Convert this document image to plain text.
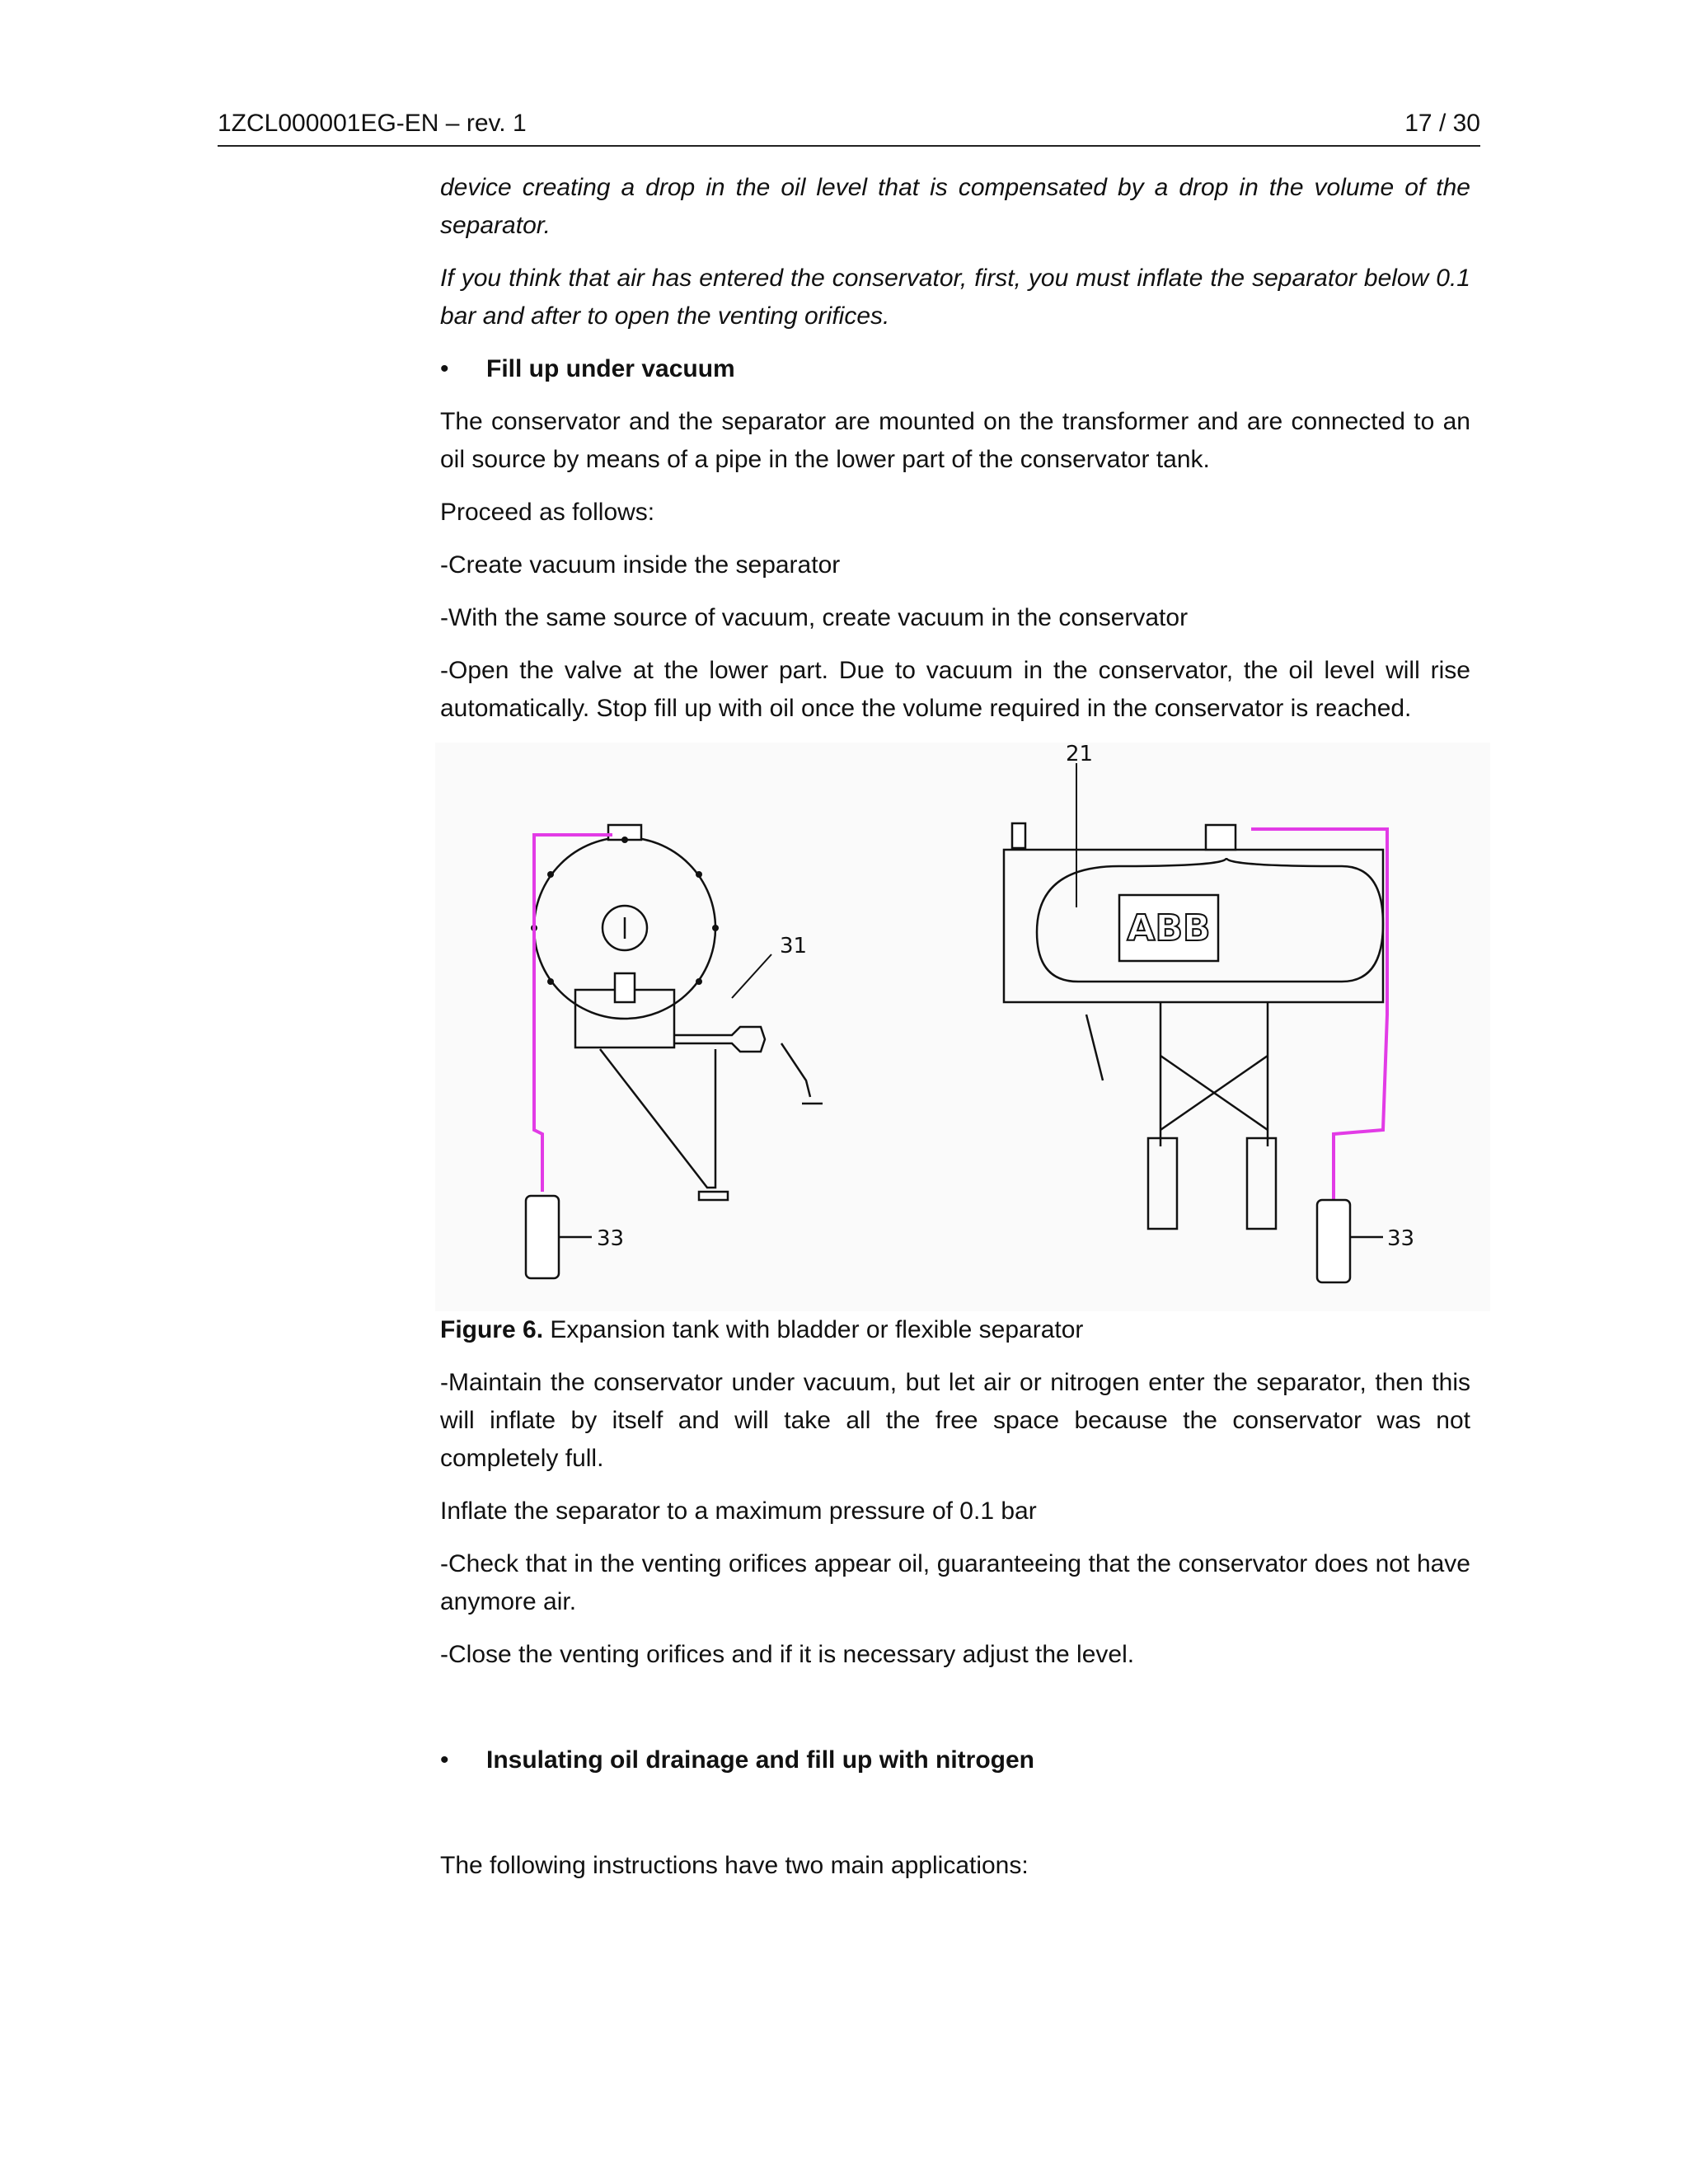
1ZCL000001EG-EN – rev. 1	17 / 30

device creating a drop in the oil level that is compensated by a drop in the volume of the separator.

If you think that air has entered the conservator, first, you must inflate the separator below 0.1 bar and after to open the venting orifices.

• Fill up under vacuum

The conservator and the separator are mounted on the transformer and are connected to an oil source by means of a pipe in the lower part of the conservator tank.

Proceed as follows:

-Create vacuum inside the separator

-With the same source of vacuum, create vacuum in the conservator

-Open the valve at the lower part. Due to vacuum in the conservator, the oil level will rise automatically. Stop fill up with oil once the volume required in the conservator is reached.

31
33
ABB
21
33

Figure 6. Expansion tank with bladder or flexible separator

-Maintain the conservator under vacuum, but let air or nitrogen enter the separator, then this will inflate by itself and will take all the free space because the conservator was not completely full.

Inflate the separator to a maximum pressure of 0.1 bar

-Check that in the venting orifices appear oil, guaranteeing that the conservator does not have anymore air.

-Close the venting orifices and if it is necessary adjust the level.

• Insulating oil drainage and fill up with nitrogen

The following instructions have two main applications:
